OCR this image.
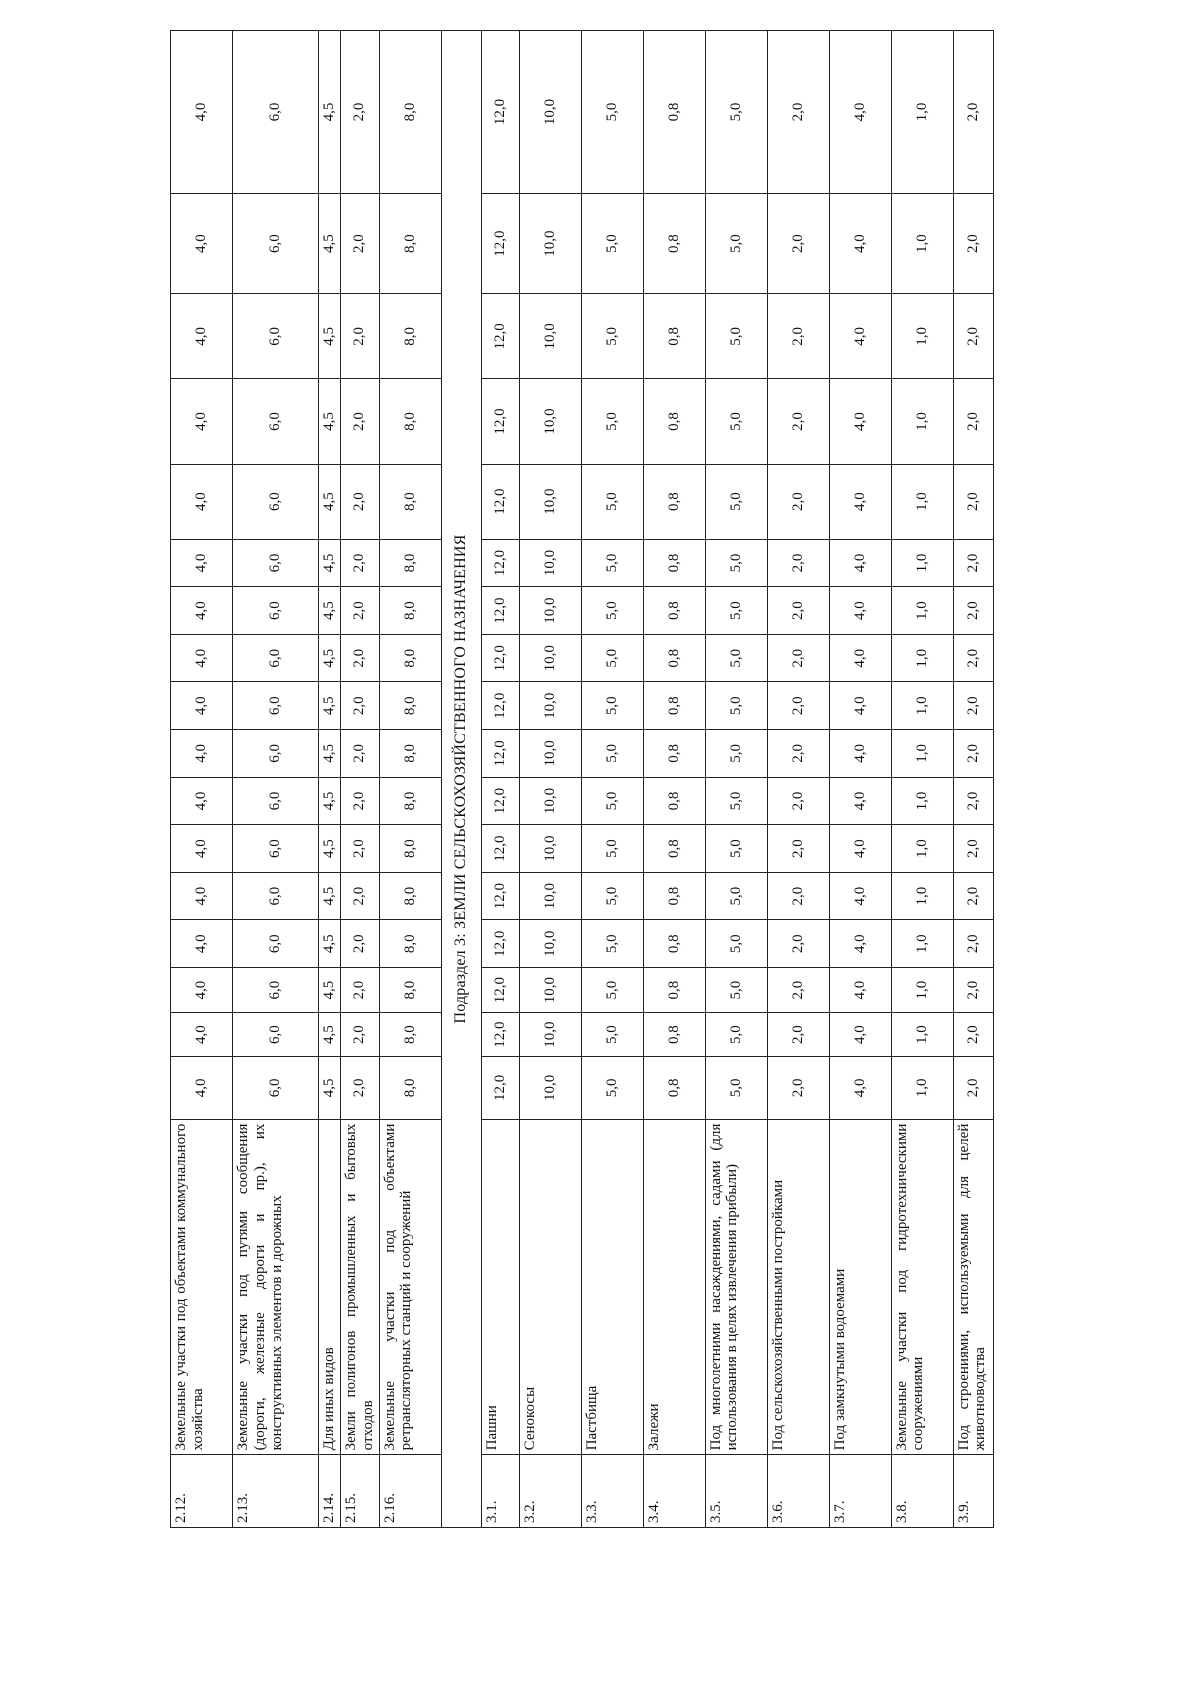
2.12.	Земельные участки под объектами коммунального хозяйства	4,0	4,0	4,0	4,0	4,0	4,0	4,0	4,0	4,0	4,0	4,0	4,0	4,0	4,0	4,0	4,0	4,0
2.13.	Земельные участки под путями сообщения (дороги, железные дороги и пр.), их конструктивных элементов и дорожных	6,0	6,0	6,0	6,0	6,0	6,0	6,0	6,0	6,0	6,0	6,0	6,0	6,0	6,0	6,0	6,0	6,0
2.14.	Для иных видов	4,5	4,5	4,5	4,5	4,5	4,5	4,5	4,5	4,5	4,5	4,5	4,5	4,5	4,5	4,5	4,5	4,5
2.15.	Земли полигонов промышленных и бытовых отходов	2,0	2,0	2,0	2,0	2,0	2,0	2,0	2,0	2,0	2,0	2,0	2,0	2,0	2,0	2,0	2,0	2,0
2.16.	Земельные участки под объектами ретрансляторных станций и сооружений	8,0	8,0	8,0	8,0	8,0	8,0	8,0	8,0	8,0	8,0	8,0	8,0	8,0	8,0	8,0	8,0	8,0
Подраздел 3: ЗЕМЛИ СЕЛЬСКОХОЗЯЙСТВЕННОГО НАЗНАЧЕНИЯ																		
3.1.	Пашни	12,0	12,0	12,0	12,0	12,0	12,0	12,0	12,0	12,0	12,0	12,0	12,0	12,0	12,0	12,0	12,0	12,0
3.2.	Сенокосы	10,0	10,0	10,0	10,0	10,0	10,0	10,0	10,0	10,0	10,0	10,0	10,0	10,0	10,0	10,0	10,0	10,0
3.3.	Пастбища	5,0	5,0	5,0	5,0	5,0	5,0	5,0	5,0	5,0	5,0	5,0	5,0	5,0	5,0	5,0	5,0	5,0
3.4.	Залежи	0,8	0,8	0,8	0,8	0,8	0,8	0,8	0,8	0,8	0,8	0,8	0,8	0,8	0,8	0,8	0,8	0,8
3.5.	Под многолетними насаждениями, садами (для использования в целях извлечения прибыли)	5,0	5,0	5,0	5,0	5,0	5,0	5,0	5,0	5,0	5,0	5,0	5,0	5,0	5,0	5,0	5,0	5,0
3.6.	Под сельскохозяйственными постройками	2,0	2,0	2,0	2,0	2,0	2,0	2,0	2,0	2,0	2,0	2,0	2,0	2,0	2,0	2,0	2,0	2,0
3.7.	Под замкнутыми водоемами	4,0	4,0	4,0	4,0	4,0	4,0	4,0	4,0	4,0	4,0	4,0	4,0	4,0	4,0	4,0	4,0	4,0
3.8.	Земельные участки под гидротехническими сооружениями	1,0	1,0	1,0	1,0	1,0	1,0	1,0	1,0	1,0	1,0	1,0	1,0	1,0	1,0	1,0	1,0	1,0
3.9.	Под строениями, используемыми для целей животноводства	2,0	2,0	2,0	2,0	2,0	2,0	2,0	2,0	2,0	2,0	2,0	2,0	2,0	2,0	2,0	2,0	2,0
